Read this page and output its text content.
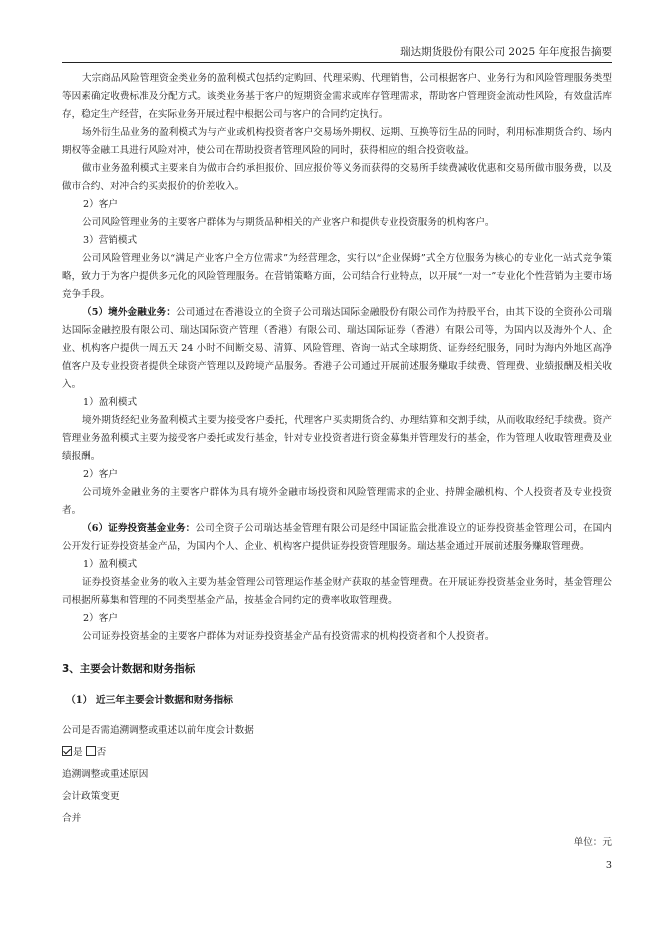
瑞达期货股份有限公司 2025 年年度报告摘要

大宗商品风险管理资金类业务的盈利模式包括约定购回、代理采购、代理销售，公司根据客户、业务行为和风险管理服务类型等因素确定收费标准及分配方式。该类业务基于客户的短期资金需求或库存管理需求，帮助客户管理资金流动性风险，有效盘活库存，稳定生产经营，在实际业务开展过程中根据公司与客户的合同约定执行。

场外衍生品业务的盈利模式为与产业或机构投资者客户交易场外期权、远期、互换等衍生品的同时，利用标准期货合约、场内期权等金融工具进行风险对冲，使公司在帮助投资者管理风险的同时，获得相应的组合投资收益。

做市业务盈利模式主要来自为做市合约承担报价、回应报价等义务而获得的交易所手续费减收优惠和交易所做市服务费，以及做市合约、对冲合约买卖报价的价差收入。

2）客户

公司风险管理业务的主要客户群体为与期货品种相关的产业客户和提供专业投资服务的机构客户。

3）营销模式

公司风险管理业务以“满足产业客户全方位需求”为经营理念，实行以“企业保姆”式全方位服务为核心的专业化一站式竞争策略，致力于为客户提供多元化的风险管理服务。在营销策略方面，公司结合行业特点，以开展“一对一”专业化个性营销为主要市场竞争手段。

（5）境外金融业务：公司通过在香港设立的全资子公司瑞达国际金融股份有限公司作为持股平台，由其下设的全资孙公司瑞达国际金融控股有限公司、瑞达国际资产管理（香港）有限公司、瑞达国际证券（香港）有限公司等，为国内以及海外个人、企业、机构客户提供一周五天 24 小时不间断交易、清算、风险管理、咨询一站式全球期货、证券经纪服务，同时为海内外地区高净值客户及专业投资者提供全球资产管理以及跨境产品服务。香港子公司通过开展前述服务赚取手续费、管理费、业绩报酬及相关收入。

1）盈利模式

境外期货经纪业务盈利模式主要为接受客户委托，代理客户买卖期货合约、办理结算和交割手续，从而收取经纪手续费。资产管理业务盈利模式主要为接受客户委托或发行基金，针对专业投资者进行资金募集并管理发行的基金，作为管理人收取管理费及业绩报酬。

2）客户

公司境外金融业务的主要客户群体为具有境外金融市场投资和风险管理需求的企业、持牌金融机构、个人投资者及专业投资者。

（6）证券投资基金业务：公司全资子公司瑞达基金管理有限公司是经中国证监会批准设立的证券投资基金管理公司，在国内公开发行证券投资基金产品，为国内个人、企业、机构客户提供证券投资管理服务。瑞达基金通过开展前述服务赚取管理费。

1）盈利模式

证券投资基金业务的收入主要为基金管理公司管理运作基金财产获取的基金管理费。在开展证券投资基金业务时，基金管理公司根据所募集和管理的不同类型基金产品，按基金合同约定的费率收取管理费。

2）客户

公司证券投资基金的主要客户群体为对证券投资基金产品有投资需求的机构投资者和个人投资者。

3、主要会计数据和财务指标
（1） 近三年主要会计数据和财务指标

公司是否需追溯调整或重述以前年度会计数据

是 否

追溯调整或重述原因

会计政策变更

合并

单位：元

3
